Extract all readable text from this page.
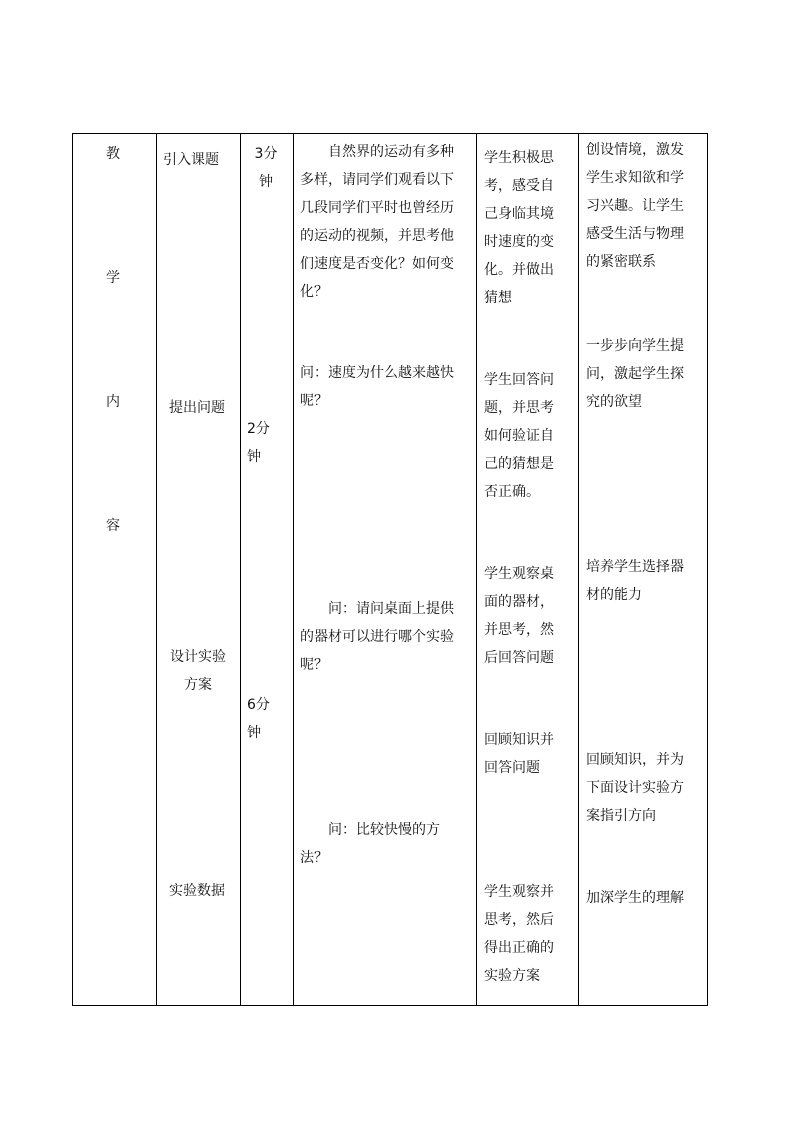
教
学
内
容
引入课题
提出问题
设计实验
方案
实验数据
3分
钟
2分
钟
6分
钟
　　自然界的运动有多种
多样，请同学们观看以下
几段同学们平时也曾经历
的运动的视频，并思考他
们速度是否变化？如何变
化？
问：速度为什么越来越快
呢？
　　问：请问桌面上提供
的器材可以进行哪个实验
呢？
　　问：比较快慢的方
法？
学生积极思
考，感受自
己身临其境
时速度的变
化。并做出
猜想
学生回答问
题，并思考
如何验证自
己的猜想是
否正确。
学生观察桌
面的器材，
并思考，然
后回答问题
回顾知识并
回答问题
学生观察并
思考，然后
得出正确的
实验方案
创设情境，激发
学生求知欲和学
习兴趣。让学生
感受生活与物理
的紧密联系
一步步向学生提
问，激起学生探
究的欲望
培养学生选择器
材的能力
回顾知识，并为
下面设计实验方
案指引方向
加深学生的理解
